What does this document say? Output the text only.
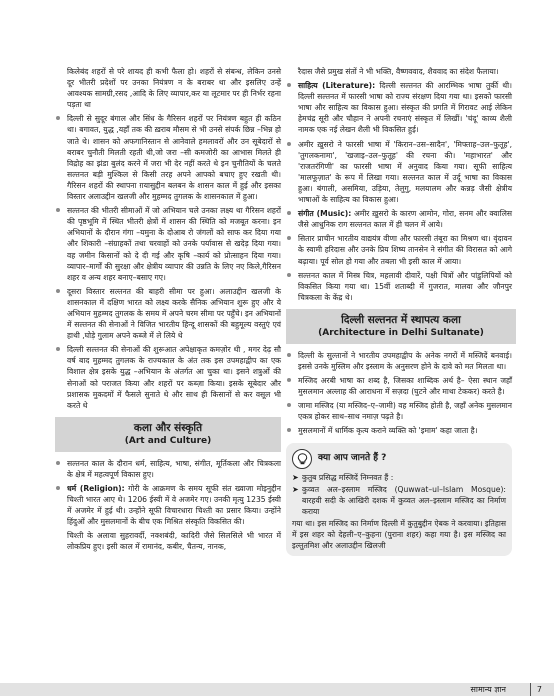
किलेबंद शहरों से परे शायद ही कभी फैला हो। शहरों से संबन्ध, लेकिन उनसे दूर भीतरी प्रदेशों पर उनका नियंत्रण न के बराबर था और इसलिए उन्हें आवश्यक सामग्री,रसद ,आदि के लिए व्यापार,कर या लूटमार पर ही निर्भर रहना पड़ता था

दिल्ली से सुदूर बंगाल और सिंध के गैरिसन शहरों पर नियंत्रण बहुत ही कठिन था। बगावत, युद्ध ,यहाँ तक की ख़राब मौसम से भी उनसे संपर्क छिन्न –भिन्न हो जाते थे। शासन को अफगानिस्तान से आनेवाले हमलावरों और उन सूबेदारों से बराबर चुनौती मिलती रहती थी,जो जरा –सी कमजोरी का आभास मिलते ही विद्रोह का झंडा बुलंद करने में जरा भी देर नहीं करते थे इन चुनौतियों के चलते सल्तनत बड़ी मुश्किल से किसी तरह अपने आपको बचाए हुए रखती थी। गैरिसन शहरों की स्थापना ग़यासुद्दीन बलबन के शासन काल में हुई और इसका विस्तार अलाउद्दीन खलजी और मुहम्मद तुगलक के शासनकाल में हुआ।
सल्तनत की भीतरी सीमाओं में जो अभियान चले उनका लक्ष्य था गैरिसन शहरों की पृष्ठभूमि में स्थित भीतरी क्षेत्रों में शासन की स्थिति को मजबूत करना। इन अभियानों के दौरान गंगा –यमुना के दोआब रो जंगलों को साफ कर दिया गया और शिकारी –संग्राहकों तथा चरवाहों को उनके पर्यावास से खदेड़ दिया गया। वह जमीन किसानों को दे दी गई और कृषि –कार्य को प्रोत्साहन दिया गया। व्यापार–मार्गों की सुरक्षा और क्षेत्रीय व्यापार की उन्नति के लिए नए किले,गैरिसन शहर व अन्य शहर बनाए–बसाए गए।
दूसरा विस्तार सल्तनत की बाहरी सीमा पर हुआ। अलाउद्दीन खलजी के शासनकाल में दक्षिण भारत को लक्ष्य करके सैनिक अभियान शुरू हुए और ये अभियान मुहम्मद तुगलक के समय में अपने चरम सीमा पर पहुँचे। इन अभियानों में सल्तनत की सेनाओं ने विजित भारतीय हिन्दू शासकों की बहुमूल्य वस्तुएं एवं हाथी ,घोड़े गुलाम अपने कब्जे में ले लिये थे
दिल्ली सल्तनत की सेनाओं की शुरूआत अपेक्षाकृत कमज़ोर थी , मगर देढ़ सौ वर्ष बाद मुहम्मद तुगलक के राज्यकाल के अंत तक इस उपमहाद्वीप का एक विशाल क्षेत्र इसके युद्ध –अभियान के अंतर्गत आ चुका था। इसने शत्रुओं की सेनाओं को पराजत किया और शहरों पर कब्ज़ा किया। इसके सूबेदार और प्रशासक मुकदमों में फैसले सुनाते थे और साथ ही किसानों से कर वसूल भी करते थे
कला और संस्कृति
(Art and Culture)
सल्तनत काल के दौरान धर्म, साहित्य, भाषा, संगीत, मूर्तिकला और चित्रकला के क्षेत्र में महत्वपूर्ण विकास हुए।
धर्म (Religion): गोरी के आक्रमण के समय सूफी संत ख्वाजा मोइनुद्दीन चिश्ती भारत आए थे। 1206 ईस्वी में वे अजमेर गए। उनकी मृत्यु 1235 ईस्वी में अजमेर में हुई थी। उन्होंने सूफी विचारधारा चिश्ती का प्रसार किया। उन्होंने हिंदुओं और मुसलमानों के बीच एक मिश्रित संस्कृति विकसित की।

चिश्ती के अलावा सुहरावर्दी, नक्शबंदी, कादिरी जैसे सिलसिले भी भारत में लोकप्रिय हुए। इसी काल में रामानंद, कबीर, चैतन्य, नानक,

रैदास जैसे प्रमुख संतों ने भी भक्ति, वैष्णववाद, शैववाद का संदेश फैलाया।

साहित्य (Literature): दिल्ली सल्तनत की आरम्भिक भाषा तुर्की थी। दिल्ली सल्तनत में फारसी भाषा को राज्य संरक्षण दिया गया था। इसको फारसी भाषा और साहित्य का विकास हुआ। संस्कृत की प्रगति में गिरावट आई लेकिन हेमचंद्र सूरी और चौहान ने अपनी रचनाएं संस्कृत में लिखीं। 'चंदू' काव्य शैली नामक एक नई लेखन शैली भी विकसित हुई।
अमीर ख़ुसरो ने फारसी भाषा में 'किरान–उस–सादैन', 'मिफ्ताह–उल–फुतूह', 'तुगलकनामा', 'खजाइ–उल–फुतूह' की रचना की। 'महाभारत' और 'राजतरंगिणी' का फारसी भाषा में अनुवाद किया गया। सूफी साहित्य 'मालफूज़ात' के रूप में लिखा गया। सल्तनत काल में उर्दू भाषा का विकास हुआ। बंगाली, असमिया, उड़िया, तेलुगु, मलयालम और कन्नड़ जैसी क्षेत्रीय भाषाओं के साहित्य का विकास हुआ।
संगीत (Music): अमीर ख़ुसरो के कारण आमोन, गोरा, सनम और क्वालिस जैसे आधुनिक राग सल्तनत काल में ही चलन में आये।
सितार प्राचीन भारतीय वाद्ययंत्र वीणा और फारसी तंबूरा का मिश्रण था। वृंदावन के स्वामी हरिदास और उनके प्रिय शिष्य तानसेन ने संगीत की विरासत को आगे बढ़ाया। पूर्व सोल हो गया और तबला भी इसी काल में आया।
सल्तनत काल में मिस्त्र चित्र, महलावी दीवारें, पक्षी चित्रों और पांडुलिपियों को विकसित किया गया था। 15वीं शताब्दी में गुजरात, मालवा और जौनपुर चित्रकला के केंद्र थे।
दिल्ली सल्तनत में स्थापत्य कला
(Architecture in Delhi Sultanate)
दिल्ली के सुल्तानों ने भारतीय उपमहाद्वीप के अनेक नगरों में मस्जिदें बनवाई। इससे उनके मुस्लिम और इस्लाम के अनुसरण होने के दावे को मत मिलता था।
मस्जिद अरबी भाषा का शब्द है, जिसका शाब्दिक अर्थ है– ऐसा स्थान जहाँ मुसलमान अल्लाह की आराधना में सज़दा (घुटने और माथा टेककर) करते है।
जामा मस्जिद (या मस्जिद–ए–जामी) वह मस्जिद होती है, जहाँ अनेक मुसलमान एकत्र होकर साथ–साथ नमाज़ पढ़ते है।
मुसलमानों में धार्मिक कृत्य कराने व्यक्ति को 'इमाम' कहा जाता है।
क्या आप जानते हैं ?
➤ कुतुब प्रसिद्ध मस्जिदें निम्नवत हैं :
➤ कुव्वत अल–इस्लाम मस्जिद (Quwwat–ul–Islam Mosque): बारहवी सदी के आखिरी दशक में कुव्वत अल–इस्लाम मस्जिद का निर्माण कराया
गया था। इस मस्जिद का निर्माण दिल्ली में कुतुबुद्दीन ऐबक ने करवाया। इतिहास में इस शहर को देहली–ए–कुहना (पुराना शहर) कहा गया है। इस मस्जिद का इल्तुतमिश और अलाउद्दीन खिलजी
सामान्य ज्ञान	7
